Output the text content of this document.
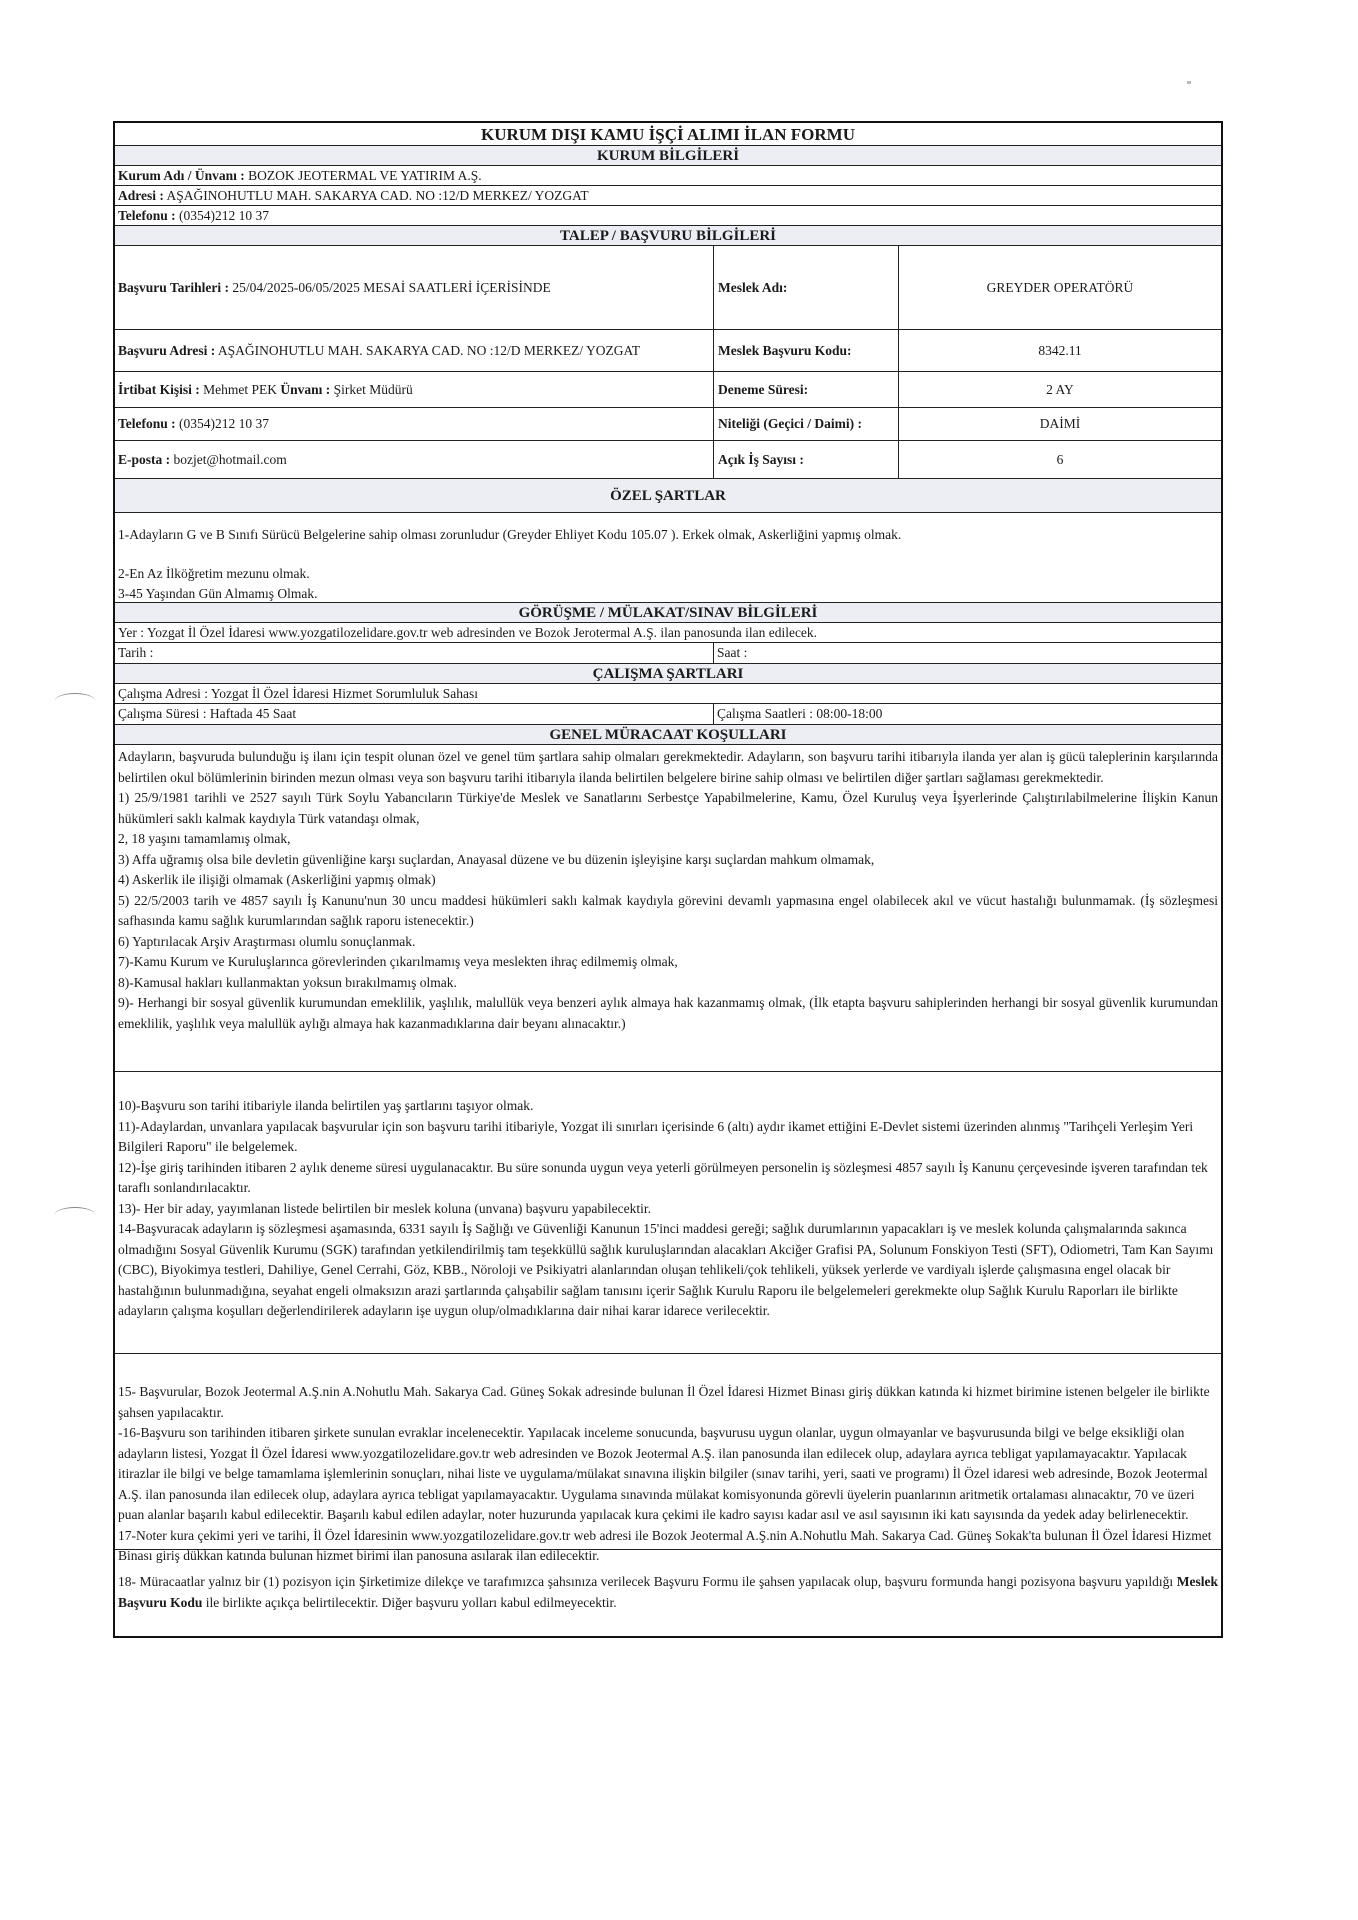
KURUM DIŞI KAMU İŞÇİ ALIMI İLAN FORMU
KURUM BİLGİLERİ
Kurum Adı / Ünvanı : BOZOK JEOTERMAL VE YATIRIM A.Ş.
Adresi : AŞAĞINOHUTLU MAH. SAKARYA CAD. NO :12/D MERKEZ/ YOZGAT
Telefonu : (0354)212 10 37
TALEP / BAŞVURU BİLGİLERİ
Başvuru Tarihleri : 25/04/2025-06/05/2025 MESAİ SAATLERİ İÇERİSİNDE	Meslek Adı:	GREYDER OPERATÖRÜ
Başvuru Adresi : AŞAĞINOHUTLU MAH. SAKARYA CAD. NO :12/D MERKEZ/ YOZGAT	Meslek Başvuru Kodu:	8342.11
İrtibat Kişisi : Mehmet PEK Ünvanı : Şirket Müdürü	Deneme Süresi:	2 AY
Telefonu : (0354)212 10 37	Niteliği (Geçici / Daimi) :	DAİMİ
E-posta : bozjet@hotmail.com	Açık İş Sayısı :	6
ÖZEL ŞARTLAR

1-Adayların G ve B Sınıfı Sürücü Belgelerine sahip olması zorunludur (Greyder Ehliyet Kodu 105.07 ). Erkek olmak, Askerliğini yapmış olmak.

2-En Az İlköğretim mezunu olmak.

3-45 Yaşından Gün Almamış Olmak.

GÖRÜŞME / MÜLAKAT/SINAV BİLGİLERİ
Yer : Yozgat İl Özel İdaresi www.yozgatilozelidare.gov.tr web adresinden ve Bozok Jerotermal A.Ş. ilan panosunda ilan edilecek.
Tarih :	Saat :
ÇALIŞMA ŞARTLARI
Çalışma Adresi : Yozgat İl Özel İdaresi Hizmet Sorumluluk Sahası
Çalışma Süresi : Haftada 45 Saat	Çalışma Saatleri : 08:00-18:00
GENEL MÜRACAAT KOŞULLARI

Adayların, başvuruda bulunduğu iş ilanı için tespit olunan özel ve genel tüm şartlara sahip olmaları gerekmektedir. Adayların, son başvuru tarihi itibarıyla ilanda yer alan iş gücü taleplerinin karşılarında belirtilen okul bölümlerinin birinden mezun olması veya son başvuru tarihi itibarıyla ilanda belirtilen belgelere birine sahip olması ve belirtilen diğer şartları sağlaması gerekmektedir.

1) 25/9/1981 tarihli ve 2527 sayılı Türk Soylu Yabancıların Türkiye'de Meslek ve Sanatlarını Serbestçe Yapabilmelerine, Kamu, Özel Kuruluş veya İşyerlerinde Çalıştırılabilmelerine İlişkin Kanun hükümleri saklı kalmak kaydıyla Türk vatandaşı olmak,

2, 18 yaşını tamamlamış olmak,

3) Affa uğramış olsa bile devletin güvenliğine karşı suçlardan, Anayasal düzene ve bu düzenin işleyişine karşı suçlardan mahkum olmamak,

4) Askerlik ile ilişiği olmamak (Askerliğini yapmış olmak)

5) 22/5/2003 tarih ve 4857 sayılı İş Kanunu'nun 30 uncu maddesi hükümleri saklı kalmak kaydıyla görevini devamlı yapmasına engel olabilecek akıl ve vücut hastalığı bulunmamak. (İş sözleşmesi safhasında kamu sağlık kurumlarından sağlık raporu istenecektir.)

6) Yaptırılacak Arşiv Araştırması olumlu sonuçlanmak.

7)-Kamu Kurum ve Kuruluşlarınca görevlerinden çıkarılmamış veya meslekten ihraç edilmemiş olmak,

8)-Kamusal hakları kullanmaktan yoksun bırakılmamış olmak.

9)- Herhangi bir sosyal güvenlik kurumundan emeklilik, yaşlılık, malullük veya benzeri aylık almaya hak kazanmamış olmak, (İlk etapta başvuru sahiplerinden herhangi bir sosyal güvenlik kurumundan emeklilik, yaşlılık veya malullük aylığı almaya hak kazanmadıklarına dair beyanı alınacaktır.)

10)-Başvuru son tarihi itibariyle ilanda belirtilen yaş şartlarını taşıyor olmak.

11)-Adaylardan, unvanlara yapılacak başvurular için son başvuru tarihi itibariyle, Yozgat ili sınırları içerisinde 6 (altı) aydır ikamet ettiğini E-Devlet sistemi üzerinden alınmış "Tarihçeli Yerleşim Yeri Bilgileri Raporu" ile belgelemek.

12)-İşe giriş tarihinden itibaren 2 aylık deneme süresi uygulanacaktır. Bu süre sonunda uygun veya yeterli görülmeyen personelin iş sözleşmesi 4857 sayılı İş Kanunu çerçevesinde işveren tarafından tek taraflı sonlandırılacaktır.

13)- Her bir aday, yayımlanan listede belirtilen bir meslek koluna (unvana) başvuru yapabilecektir.

14-Başvuracak adayların iş sözleşmesi aşamasında, 6331 sayılı İş Sağlığı ve Güvenliği Kanunun 15'inci maddesi gereği; sağlık durumlarının yapacakları iş ve meslek kolunda çalışmalarında sakınca olmadığını Sosyal Güvenlik Kurumu (SGK) tarafından yetkilendirilmiş tam teşekküllü sağlık kuruluşlarından alacakları Akciğer Grafisi PA, Solunum Fonskiyon Testi (SFT), Odiometri, Tam Kan Sayımı (CBC), Biyokimya testleri, Dahiliye, Genel Cerrahi, Göz, KBB., Nöroloji ve Psikiyatri alanlarından oluşan tehlikeli/çok tehlikeli, yüksek yerlerde ve vardiyalı işlerde çalışmasına engel olacak bir hastalığının bulunmadığına, seyahat engeli olmaksızın arazi şartlarında çalışabilir sağlam tanısını içerir Sağlık Kurulu Raporu ile belgelemeleri gerekmekte olup Sağlık Kurulu Raporları ile birlikte adayların çalışma koşulları değerlendirilerek adayların işe uygun olup/olmadıklarına dair nihai karar idarece verilecektir.

15- Başvurular, Bozok Jeotermal A.Ş.nin A.Nohutlu Mah. Sakarya Cad. Güneş Sokak adresinde bulunan İl Özel İdaresi Hizmet Binası giriş dükkan katında ki hizmet birimine istenen belgeler ile birlikte şahsen yapılacaktır.

-16-Başvuru son tarihinden itibaren şirkete sunulan evraklar incelenecektir. Yapılacak inceleme sonucunda, başvurusu uygun olanlar, uygun olmayanlar ve başvurusunda bilgi ve belge eksikliği olan adayların listesi, Yozgat İl Özel İdaresi www.yozgatilozelidare.gov.tr web adresinden ve Bozok Jeotermal A.Ş. ilan panosunda ilan edilecek olup, adaylara ayrıca tebligat yapılamayacaktır. Yapılacak itirazlar ile bilgi ve belge tamamlama işlemlerinin sonuçları, nihai liste ve uygulama/mülakat sınavına ilişkin bilgiler (sınav tarihi, yeri, saati ve programı) İl Özel idaresi web adresinde, Bozok Jeotermal A.Ş. ilan panosunda ilan edilecek olup, adaylara ayrıca tebligat yapılamayacaktır. Uygulama sınavında mülakat komisyonunda görevli üyelerin puanlarının aritmetik ortalaması alınacaktır, 70 ve üzeri puan alanlar başarılı kabul edilecektir. Başarılı kabul edilen adaylar, noter huzurunda yapılacak kura çekimi ile kadro sayısı kadar asıl ve asıl sayısının iki katı sayısında da yedek aday belirlenecektir.

17-Noter kura çekimi yeri ve tarihi, İl Özel İdaresinin www.yozgatilozelidare.gov.tr web adresi ile Bozok Jeotermal A.Ş.nin A.Nohutlu Mah. Sakarya Cad. Güneş Sokak'ta bulunan İl Özel İdaresi Hizmet Binası giriş dükkan katında bulunan hizmet birimi ilan panosuna asılarak ilan edilecektir.

18- Müracaatlar yalnız bir (1) pozisyon için Şirketimize dilekçe ve tarafımızca şahsınıza verilecek Başvuru Formu ile şahsen yapılacak olup, başvuru formunda hangi pozisyona başvuru yapıldığı Meslek Başvuru Kodu ile birlikte açıkça belirtilecektir. Diğer başvuru yolları kabul edilmeyecektir.
